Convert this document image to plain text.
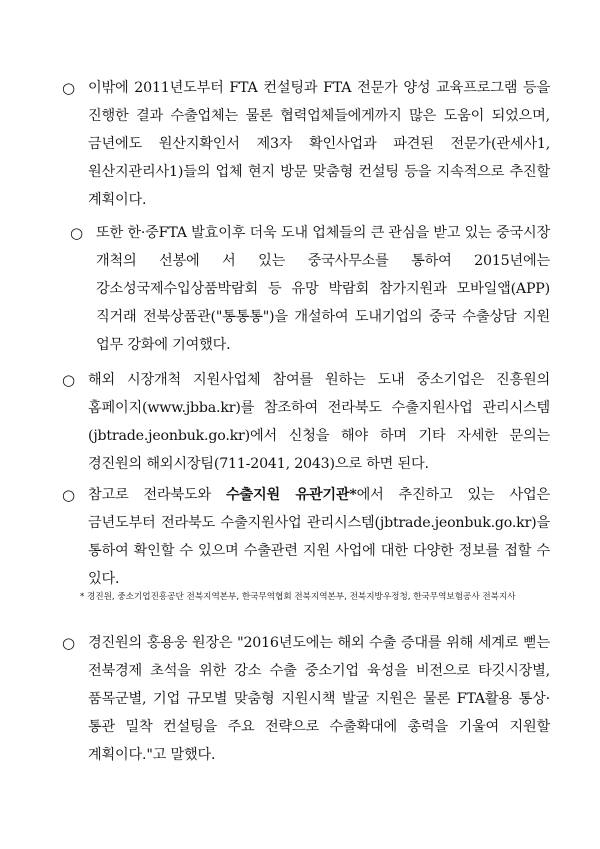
○ 이밖에 2011년도부터 FTA 컨설팅과 FTA 전문가 양성 교육프로그램 등을 진행한 결과 수출업체는 물론 협력업체들에게까지 많은 도움이 되었으며, 금년에도 원산지확인서 제3자 확인사업과 파견된 전문가(관세사1, 원산지관리사1)들의 업체 현지 방문 맞춤형 컨설팅 등을 지속적으로 추진할 계획이다.
○ 또한 한·중FTA 발효이후 더욱 도내 업체들의 큰 관심을 받고 있는 중국시장 개척의 선봉에 서 있는 중국사무소를 통하여 2015년에는 강소성국제수입상품박람회 등 유망 박람회 참가지원과 모바일앱(APP) 직거래 전북상품관("통통통")을 개설하여 도내기업의 중국 수출상담 지원 업무 강화에 기여했다.
○ 해외 시장개척 지원사업체 참여를 원하는 도내 중소기업은 진흥원의 홈페이지(www.jbba.kr)를 참조하여 전라북도 수출지원사업 관리시스템(jbtrade.jeonbuk.go.kr)에서 신청을 해야 하며 기타 자세한 문의는 경진원의 해외시장팀(711-2041, 2043)으로 하면 된다.
○ 참고로 전라북도와 수출지원 유관기관*에서 추진하고 있는 사업은 금년도부터 전라북도 수출지원사업 관리시스템(jbtrade.jeonbuk.go.kr)을 통하여 확인할 수 있으며 수출관련 지원 사업에 대한 다양한 정보를 접할 수 있다.
* 경진원, 중소기업진흥공단 전북지역본부, 한국무역협회 전북지역본부, 전북지방우정청, 한국무역보험공사 전북지사
○ 경진원의 홍용웅 원장은 "2016년도에는 해외 수출 증대를 위해 세계로 뻗는 전북경제 초석을 위한 강소 수출 중소기업 육성을 비전으로 타깃시장별, 품목군별, 기업 규모별 맞춤형 지원시책 발굴 지원은 물론 FTA활용 통상·통관 밀착 컨설팅을 주요 전략으로 수출확대에 총력을 기울여 지원할 계획이다."고 말했다.
